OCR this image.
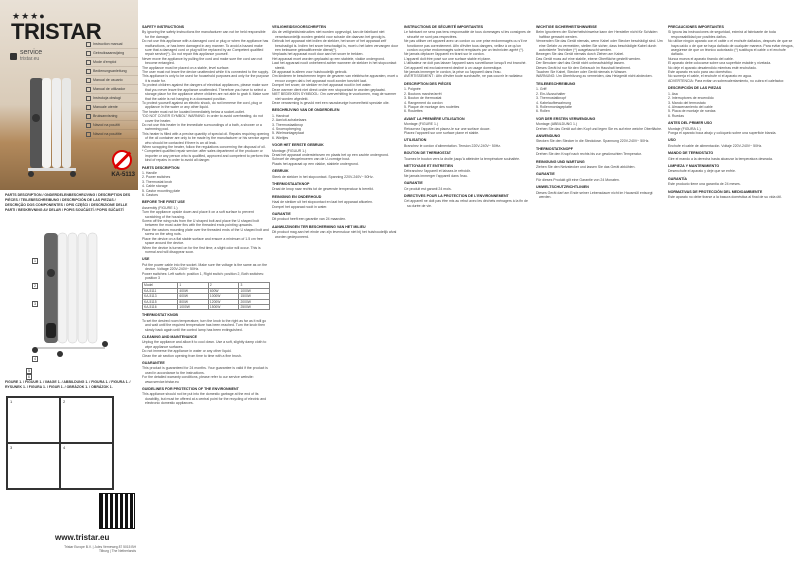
★★★●
TRISTAR
service
tristar.eu
Instruction manual
Gebruiksaanwijzing
Mode d'emploi
Bedienungsanleitung
Manual de usuario
Manual de utilizador
Instrukcja obsługi
Manuale utente
Bruksanvisning
Návod na použití
Návod na použitie
KA-5113
PARTS DESCRIPTION / ONDERDELENBESCHRIJVING / DESCRIPTION DES PIÈCES / TEILEBESCHREIBUNG / DESCRIPCIÓN DE LAS PIEZAS / DESCRIÇÃO DOS COMPONENTES / OPIS CZĘŚCI / DESCRIZIONE DELLE PARTI / BESKRIVNING AV DELAR / POPIS SOUČÁSTÍ / POPIS SÚČASTÍ
1
2
3
4
5
6
FIGURE 1. / FIGUUR 1. / IMAGE 1. / ABBILDUNG 1. / FIGURA 1. / FIGURA 1. / RYSUNEK 1. / FIGURA 1. / FIGUR 1. / OBRÁZOK 1. / OBRÁZOK 1.
1	2
3	4
www.tristar.eu
Tristar Europe B.V. | Jules Verneweg 87 5015 BH Tilburg | The Netherlands
SAFETY INSTRUCTIONS
By ignoring the safety instructions the manufacturer can not be held responsible for the damage.
Do not use this appliance with a damaged cord or plug or when the appliance has malfunctions, or has been damaged in any manner. To avoid a hazard make sure that a damaged cord or plug will be replaced by an Competent qualified repair service(*). Do not repair this appliance yourself.
Never move the appliance by pulling the cord and make sure the cord can not become entangled.
The appliance must be placed on a stable, level surface.
The user must not leave the device unattended while it is connected to the supply.
This appliance is only to be used for household purposes and only for the purpose it is made for.
To protect children against the dangers of electrical appliances, please make sure that you never leave the appliance unattended. Therefore you have to select a storage place for the appliance where children are not able to grab it. Make sure that the cable is not hanging in a downward position.
To protect yourself against an electric shock, do not immerse the cord, plug or appliance in the water or any other liquid.
The heater must not be located immediately below a socket-outlet.
"DO NOT COVER SYMBOL" WARNING: In order to avoid overheating, do not cover the heater.
Do not use this heater in the immediate surroundings of a bath, a shower or a swimming pool.
This heater is filled with a precise quantity of special oil. Repairs requiring opening of the oil container are only to be made by the manufacturer or his service agent who should be contacted if there is an oil leak.
When scrapping the heater, follow the regulations concerning the disposal of oil.
* Competent qualified repair service: after sales department of the producer or importer or any person who is qualified, approved and competent to perform this kind of repairs in order to avoid all danger.
PARTS DESCRIPTION
1. Handle
2. Power switches
3. Thermostat knob
4. Cable storage
5. Castor mounting plate
6. Castors
BEFORE THE FIRST USE
Assembly (FIGURE 1.)
Turn the appliance upside down and place it on a soft surface to prevent scratching of the housing.
Screw off the wing nuts from the U shaped bolt and place the U shaped bolt between the most outer fins with the threaded ends pointing upwards.
Place the castors mounting plate over the threaded ends of the U shaped bolt and screw on the wing nuts.
Place the device on a flat stable surface and ensure a minimum of 1.5 cm free space around the device.
When the device is turned on for the first time, a slight odor will occur. This is normal and will disappear soon.
USE
Put the power cable into the socket. Make sure the voltage is the same as on the device. Voltage 220V-240V~ 50Hz.
Power switches: Left switch: position 1, Right switch: position 2, Both switches: position 3
Model	1	2	3
KA-5111	400W	600W	1000W
KA-5113	600W	1000W	1500W
KA-5115	800W	1200W	2000W
KA-5116	1000W	1500W	2500W
THERMOSTAT KNOB
To set the desired room temperature, turn the knob to the right as far as it will go and wait until the required temperature has been reached. Turn the knob then slowly back again until the control lamp has been extinguished.
CLEANING AND MAINTENANCE
Unplug the appliance and allow it to cool down. Use a soft, slightly damp cloth to wipe appliance surfaces.
Do not immerse the appliance in water or any other liquid.
Clean the air section opening from time to time with a fine brush.
GUARANTEE
This product is guaranteed for 24 months. Your guarantee is valid if the product is used in accordance to the instructions.
For the detailed warranty conditions, please refer to our service website: www.service.tristar.eu
GUIDELINES FOR PROTECTION OF THE ENVIRONMENT
This appliance should not be put into the domestic garbage at the end of its durability, but must be offered at a central point for the recycling of electric and electronic domestic appliances.
VEILIGHEIDSVOORSCHRIFTEN
Als de veiligheidsinstructies niet worden opgevolgd, kan de fabrikant niet verantwoordelijk worden gesteld voor schade die daarvan het gevolg is.
Gebruik het apparaat niet indien de stekker, het snoer of het apparaat zelf beschadigd is. Indien het snoer beschadigd is, moet u het laten vervangen door een bekwame gekwalificeerde dienst(*).
Verplaats het apparaat nooit door aan het snoer te trekken.
Het apparaat moet worden geplaatst op een stabiele, vlakke ondergrond.
Laat het apparaat nooit onbeheerd achter wanneer de stekker in het stopcontact steekt.
Dit apparaat is alleen voor huishoudelijk gebruik.
Om kinderen te beschermen tegen de gevaren van elektrische apparaten, moet u ervoor zorgen dat u het apparaat nooit zonder toezicht laat.
Dompel het snoer, de stekker en het apparaat nooit in het water.
Deze warmer dient niet direct onder een stopcontact te worden geplaatst.
NIET BEDEKKEN SYMBOOL: Om oververhitting te voorkomen, mag de warmer niet worden afgedekt.
Deze verwarming is gevuld met een nauwkeurige hoeveelheid speciale olie.
BESCHRIJVING VAN DE ONDERDELEN
1. Handvat
2. Aan/uit-schakelaars
3. Thermostaatknop
4. Snoeropberging
5. Wielmontageplaat
6. Wieltjes
VOOR HET EERSTE GEBRUIK
Montage (FIGUUR 1.)
Draai het apparaat ondersteboven en plaats het op een zachte ondergrond.
Schroef de vleugelmoeren van de U-vormige bout.
Plaats het apparaat op een vlakke, stabiele ondergrond.
GEBRUIK
Steek de stekker in het stopcontact. Spanning 220V-240V~ 50Hz.
THERMOSTAATKNOP
Draai de knop naar rechts tot de gewenste temperatuur is bereikt.
REINIGING EN ONDERHOUD
Haal de stekker uit het stopcontact en laat het apparaat afkoelen.
Dompel het apparaat nooit in water.
GARANTIE
Dit product heeft een garantie van 24 maanden.
AANWIJZINGEN TER BESCHERMING VAN HET MILIEU
Dit product mag aan het einde van zijn levensduur niet bij het huishoudelijk afval worden gedeponeerd.
INSTRUCTIONS DE SÉCURITÉ IMPORTANTES
Le fabricant ne sera pas tenu responsable de tous dommages si les consignes de sécurité ne sont pas respectées.
Ne pas utiliser cet appareil avec un cordon ou une prise endommagés ou s'il ne fonctionne pas correctement. Afin d'éviter tous dangers, veillez à ce qu'un cordon ou prise endommagés soient remplacés par un technicien agréé (*).
Ne jamais déplacer l'appareil en tirant sur le cordon.
L'appareil doit être posé sur une surface stable et plane.
L'utilisateur ne doit pas laisser l'appareil sans surveillance lorsqu'il est branché.
Cet appareil est exclusivement destiné à un usage domestique.
Ne jamais immerger le cordon, la prise ou l'appareil dans l'eau.
AVERTISSEMENT : Afin d'éviter toute surchauffe, ne pas couvrir le radiateur.
DESCRIPTION DES PIÈCES
1. Poignée
2. Boutons marche/arrêt
3. Bouton de thermostat
4. Rangement du cordon
5. Plaque de montage des roulettes
6. Roulettes
AVANT LA PREMIÈRE UTILISATION
Montage (FIGURE 1.)
Retournez l'appareil et placez-le sur une surface douce.
Placez l'appareil sur une surface plane et stable.
UTILISATION
Branchez le cordon d'alimentation. Tension 220V-240V~ 50Hz.
BOUTON DE THERMOSTAT
Tournez le bouton vers la droite jusqu'à atteindre la température souhaitée.
NETTOYAGE ET ENTRETIEN
Débranchez l'appareil et laissez-le refroidir.
Ne jamais immerger l'appareil dans l'eau.
GARANTIE
Ce produit est garanti 24 mois.
DIRECTIVES POUR LA PROTECTION DE L'ENVIRONNEMENT
Cet appareil ne doit pas être mis au rebut avec les déchets ménagers à la fin de sa durée de vie.
WICHTIGE SICHERHEITSHINWEISE
Beim Ignorieren der Sicherheitshinweise kann der Hersteller nicht für Schäden haftbar gemacht werden.
Verwenden Sie das Gerät niemals, wenn Kabel oder Stecker beschädigt sind. Um eine Gefahr zu vermeiden, stellen Sie sicher, dass beschädigte Kabel durch autorisierte Techniker (*) ausgetauscht werden.
Bewegen Sie das Gerät niemals durch Ziehen am Kabel.
Das Gerät muss auf eine stabile, ebene Oberfläche gestellt werden.
Der Benutzer darf das Gerät nicht unbeaufsichtigt lassen.
Dieses Gerät ist nur für den Gebrauch im Haushalt bestimmt.
Tauchen Sie Kabel, Stecker oder Gerät niemals in Wasser.
WARNUNG: Um Überhitzung zu vermeiden, das Heizgerät nicht abdecken.
TEILEBESCHREIBUNG
1. Griff
2. Ein-/Ausschalter
3. Thermostatknopf
4. Kabelaufbewahrung
5. Rollenmontageplatte
6. Rollen
VOR DER ERSTEN VERWENDUNG
Montage (ABBILDUNG 1.)
Drehen Sie das Gerät auf den Kopf und legen Sie es auf eine weiche Oberfläche.
ANWENDUNG
Stecken Sie den Stecker in die Steckdose. Spannung 220V-240V~ 50Hz.
THERMOSTATKNOPF
Drehen Sie den Knopf nach rechts bis zur gewünschten Temperatur.
REINIGUNG UND WARTUNG
Ziehen Sie den Netzstecker und lassen Sie das Gerät abkühlen.
GARANTIE
Für dieses Produkt gilt eine Garantie von 24 Monaten.
UMWELTSCHUTZRICHTLINIEN
Dieses Gerät darf am Ende seiner Lebensdauer nicht im Hausmüll entsorgt werden.
PRECAUCIONES IMPORTANTES
Si ignora las instrucciones de seguridad, eximirá al fabricante de toda responsabilidad por posibles daños.
No utilice ningún aparato con el cable o el enchufe dañados, después de que se haya caído o de que se haya dañado de cualquier manera. Para evitar riesgos, asegúrese de que un técnico autorizado (*) sustituya el cable o el enchufe dañado.
Nunca mueva el aparato tirando del cable.
El aparato debe colocarse sobre una superficie estable y nivelada.
No deje el aparato desatendido mientras esté enchufado.
Este aparato es solo para uso doméstico.
No sumerja el cable, el enchufe ni el aparato en agua.
ADVERTENCIA: Para evitar un sobrecalentamiento, no cubra el calefactor.
DESCRIPCIÓN DE LAS PIEZAS
1. Asa
2. Interruptores de encendido
3. Mando del termostato
4. Almacenamiento del cable
5. Placa de montaje de ruedas
6. Ruedas
ANTES DEL PRIMER USO
Montaje (FIGURA 1.)
Ponga el aparato boca abajo y colóquelo sobre una superficie blanda.
USO
Enchufe el cable de alimentación. Voltaje 220V-240V~ 50Hz.
MANDO DE TERMOSTATO
Gire el mando a la derecha hasta alcanzar la temperatura deseada.
LIMPIEZA Y MANTENIMIENTO
Desenchufe el aparato y deje que se enfríe.
GARANTÍA
Este producto tiene una garantía de 24 meses.
NORMATIVAS DE PROTECCIÓN DEL MEDIOAMBIENTE
Este aparato no debe tirarse a la basura doméstica al final de su vida útil.
